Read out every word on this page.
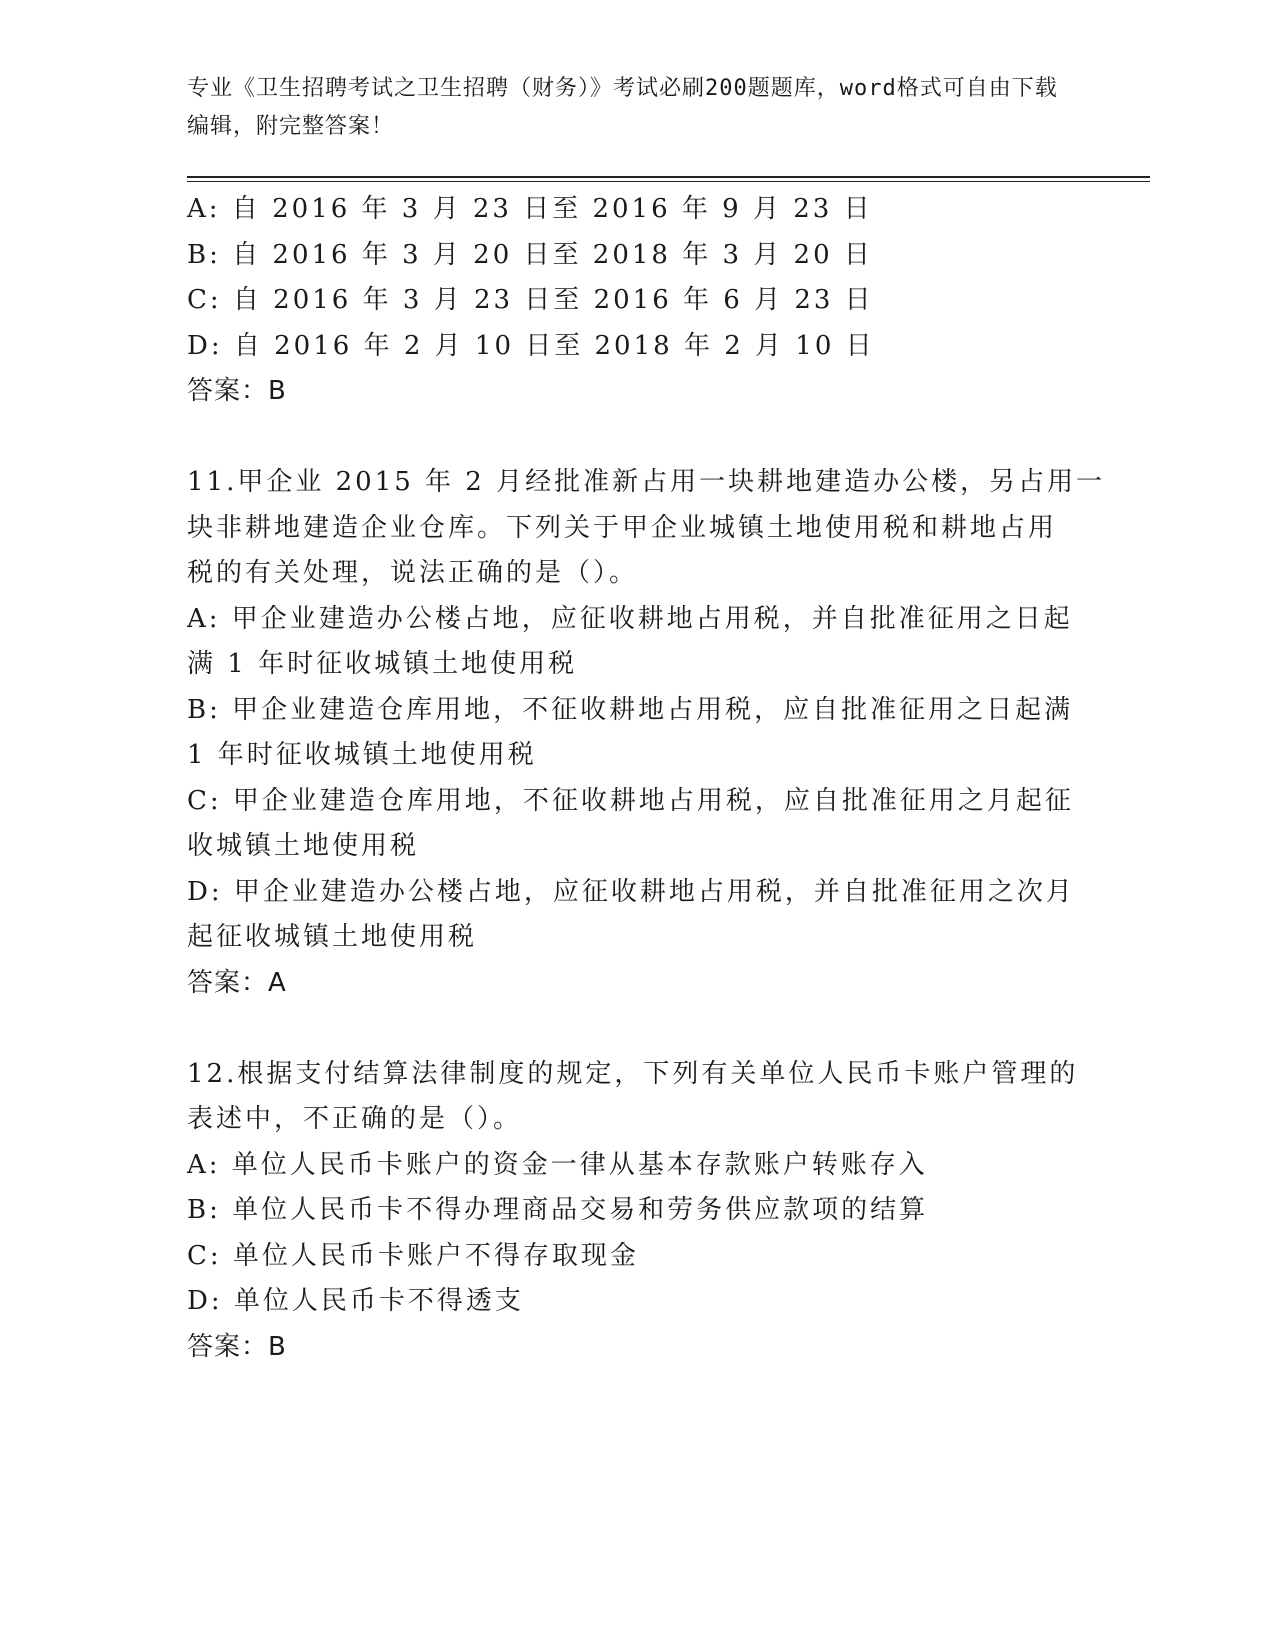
专业《卫生招聘考试之卫生招聘（财务）》考试必刷200题题库，word格式可自由下载编辑，附完整答案！
A: 自 2016 年 3 月 23 日至 2016 年 9 月 23 日
B: 自 2016 年 3 月 20 日至 2018 年 3 月 20 日
C: 自 2016 年 3 月 23 日至 2016 年 6 月 23 日
D: 自 2016 年 2 月 10 日至 2018 年 2 月 10 日
答案：B
11.甲企业 2015 年 2 月经批准新占用一块耕地建造办公楼，另占用一
块非耕地建造企业仓库。下列关于甲企业城镇土地使用税和耕地占用
税的有关处理，说法正确的是（）。
A: 甲企业建造办公楼占地，应征收耕地占用税，并自批准征用之日起
满 1 年时征收城镇土地使用税
B: 甲企业建造仓库用地，不征收耕地占用税，应自批准征用之日起满
1 年时征收城镇土地使用税
C: 甲企业建造仓库用地，不征收耕地占用税，应自批准征用之月起征
收城镇土地使用税
D: 甲企业建造办公楼占地，应征收耕地占用税，并自批准征用之次月
起征收城镇土地使用税
答案：A
12.根据支付结算法律制度的规定，下列有关单位人民币卡账户管理的
表述中，不正确的是（）。
A: 单位人民币卡账户的资金一律从基本存款账户转账存入
B: 单位人民币卡不得办理商品交易和劳务供应款项的结算
C: 单位人民币卡账户不得存取现金
D: 单位人民币卡不得透支
答案：B
